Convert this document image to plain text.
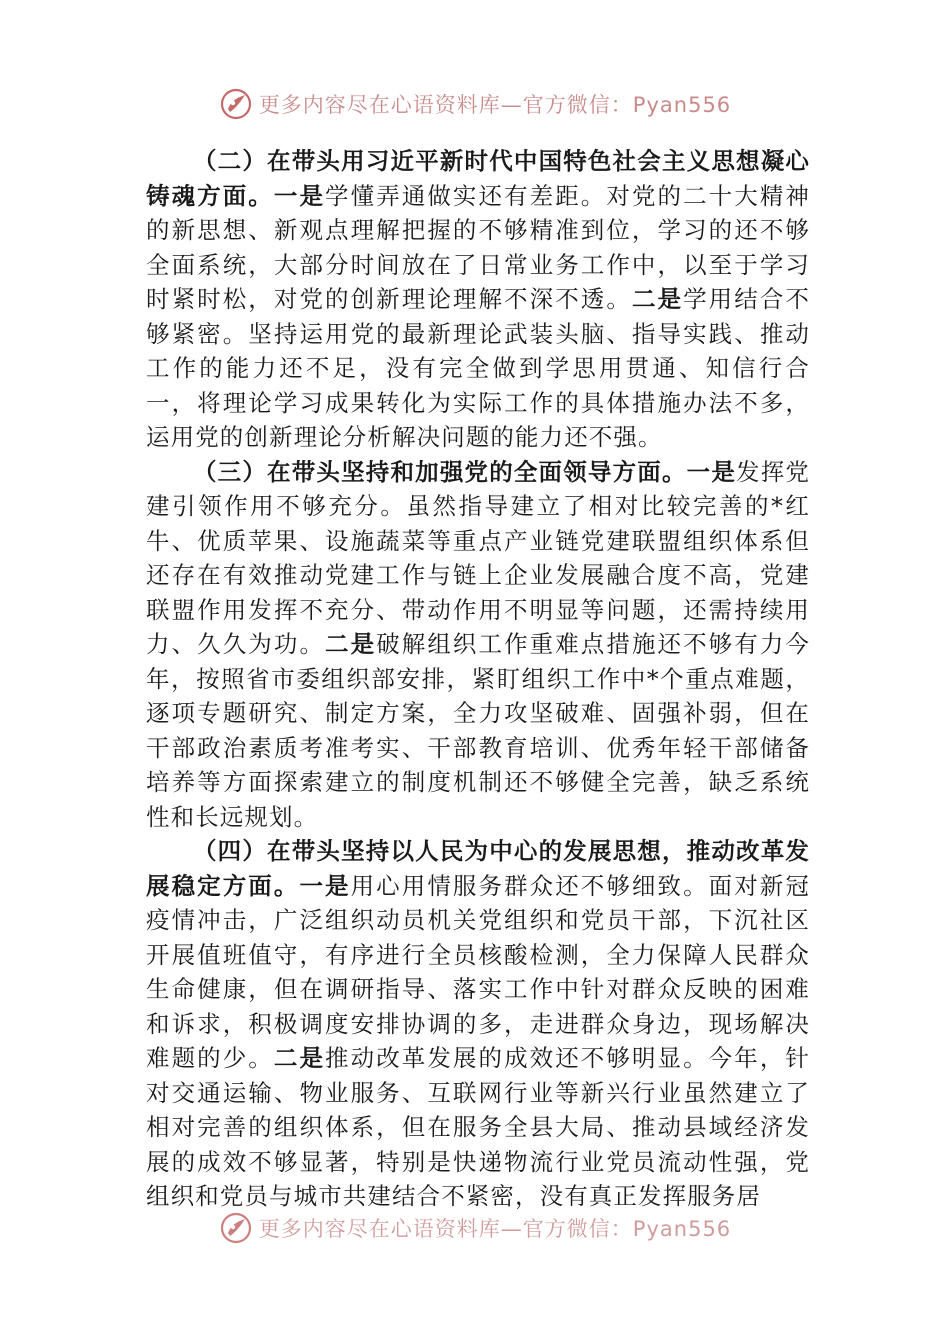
更多内容尽在心语资料库—官方微信：Pyan556

（二）在带头用习近平新时代中国特色社会主义思想凝心铸魂方面。一是学懂弄通做实还有差距。对党的二十大精神的新思想、新观点理解把握的不够精准到位，学习的还不够全面系统，大部分时间放在了日常业务工作中，以至于学习时紧时松，对党的创新理论理解不深不透。二是学用结合不够紧密。坚持运用党的最新理论武装头脑、指导实践、推动工作的能力还不足，没有完全做到学思用贯通、知信行合一，将理论学习成果转化为实际工作的具体措施办法不多，运用党的创新理论分析解决问题的能力还不强。

（三）在带头坚持和加强党的全面领导方面。一是发挥党建引领作用不够充分。虽然指导建立了相对比较完善的*红牛、优质苹果、设施蔬菜等重点产业链党建联盟组织体系但还存在有效推动党建工作与链上企业发展融合度不高，党建联盟作用发挥不充分、带动作用不明显等问题，还需持续用力、久久为功。二是破解组织工作重难点措施还不够有力今年，按照省市委组织部安排，紧盯组织工作中*个重点难题，逐项专题研究、制定方案，全力攻坚破难、固强补弱，但在干部政治素质考准考实、干部教育培训、优秀年轻干部储备培养等方面探索建立的制度机制还不够健全完善，缺乏系统性和长远规划。

（四）在带头坚持以人民为中心的发展思想，推动改革发展稳定方面。一是用心用情服务群众还不够细致。面对新冠疫情冲击，广泛组织动员机关党组织和党员干部，下沉社区开展值班值守，有序进行全员核酸检测，全力保障人民群众生命健康，但在调研指导、落实工作中针对群众反映的困难和诉求，积极调度安排协调的多，走进群众身边，现场解决难题的少。二是推动改革发展的成效还不够明显。今年，针对交通运输、物业服务、互联网行业等新兴行业虽然建立了相对完善的组织体系，但在服务全县大局、推动县域经济发展的成效不够显著，特别是快递物流行业党员流动性强，党组织和党员与城市共建结合不紧密，没有真正发挥服务居

更多内容尽在心语资料库—官方微信：Pyan556
